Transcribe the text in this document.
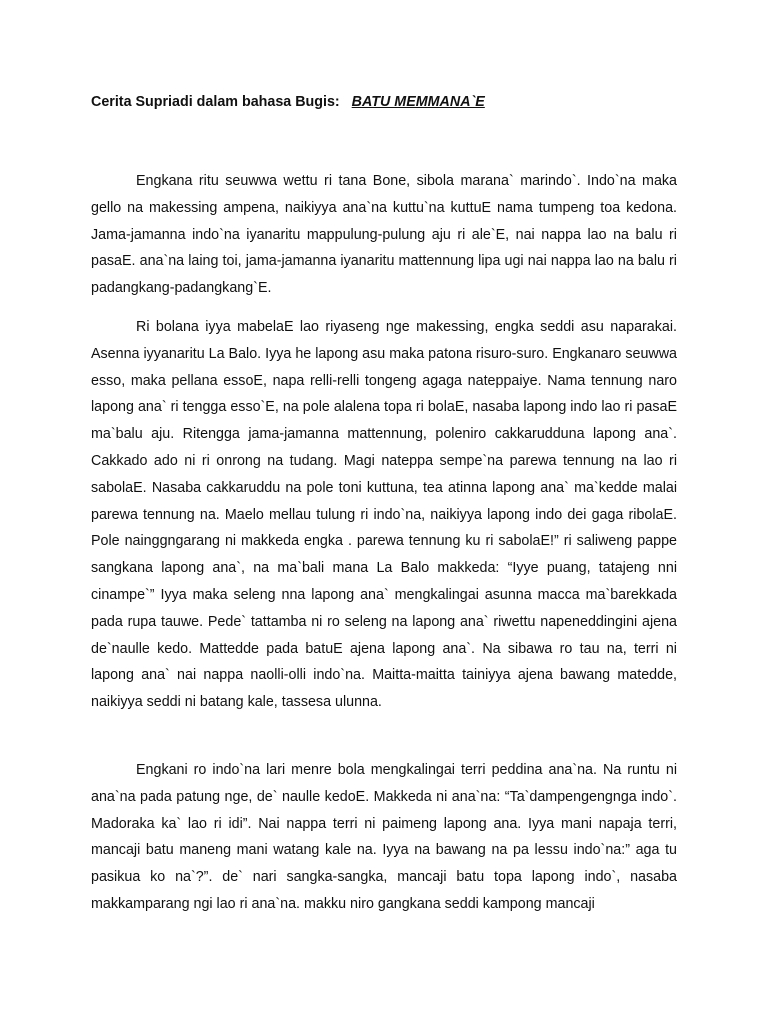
Cerita Supriadi dalam bahasa Bugis: BATU MEMMANA`E

Engkana ritu seuwwa wettu ri tana Bone, sibola marana` marindo`. Indo`na maka gello na makessing ampena, naikiyya ana`na kuttu`na kuttuE nama tumpeng toa kedona. Jama-jamanna indo`na iyanaritu mappulung-pulung aju ri ale`E, nai nappa lao na balu ri pasaE. ana`na laing toi, jama-jamanna iyanaritu mattennung lipa ugi nai nappa lao na balu ri padangkang-padangkang`E.

Ri bolana iyya mabelaE lao riyaseng nge makessing, engka seddi asu naparakai. Asenna iyyanaritu La Balo. Iyya he lapong asu maka patona risuro-suro. Engkanaro seuwwa esso, maka pellana essoE, napa relli-relli tongeng agaga nateppaiye. Nama tennung naro lapong ana` ri tengga esso`E, na pole alalena topa ri bolaE, nasaba lapong indo lao ri pasaE ma`balu aju. Ritengga jama-jamanna mattennung, poleniro cakkarudduna lapong ana`. Cakkado ado ni ri onrong na tudang. Magi nateppa sempe`na parewa tennung na lao ri sabolaE. Nasaba cakkaruddu na pole toni kuttuna, tea atinna lapong ana` ma`kedde malai parewa tennung na. Maelo mellau tulung ri indo`na, naikiyya lapong indo dei gaga ribolaE. Pole nainggngarang ni makkeda engka . parewa tennung ku ri sabolaE!” ri saliweng pappe sangkana lapong ana`, na ma`bali mana La Balo makkeda: “Iyye puang, tatajeng nni cinampe`” Iyya maka seleng nna lapong ana` mengkalingai asunna macca ma`barekkada pada rupa tauwe. Pede` tattamba ni ro seleng na lapong ana` riwettu napeneddingini ajena de`naulle kedo. Mattedde pada batuE ajena lapong ana`. Na sibawa ro tau na, terri ni lapong ana` nai nappa naolli-olli indo`na. Maitta-maitta tainiyya ajena bawang matedde, naikiyya seddi ni batang kale, tassesa ulunna.

Engkani ro indo`na lari menre bola mengkalingai terri peddina ana`na. Na runtu ni ana`na pada patung nge, de` naulle kedoE. Makkeda ni ana`na: “Ta`dampengengnga indo`. Madoraka ka` lao ri idi”. Nai nappa terri ni paimeng lapong ana. Iyya mani napaja terri, mancaji batu maneng mani watang kale na. Iyya na bawang na pa lessu indo`na:” aga tu pasikua ko na`?”. de` nari sangka-sangka, mancaji batu topa lapong indo`, nasaba makkamparang ngi lao ri ana`na. makku niro gangkana seddi kampong mancaji
